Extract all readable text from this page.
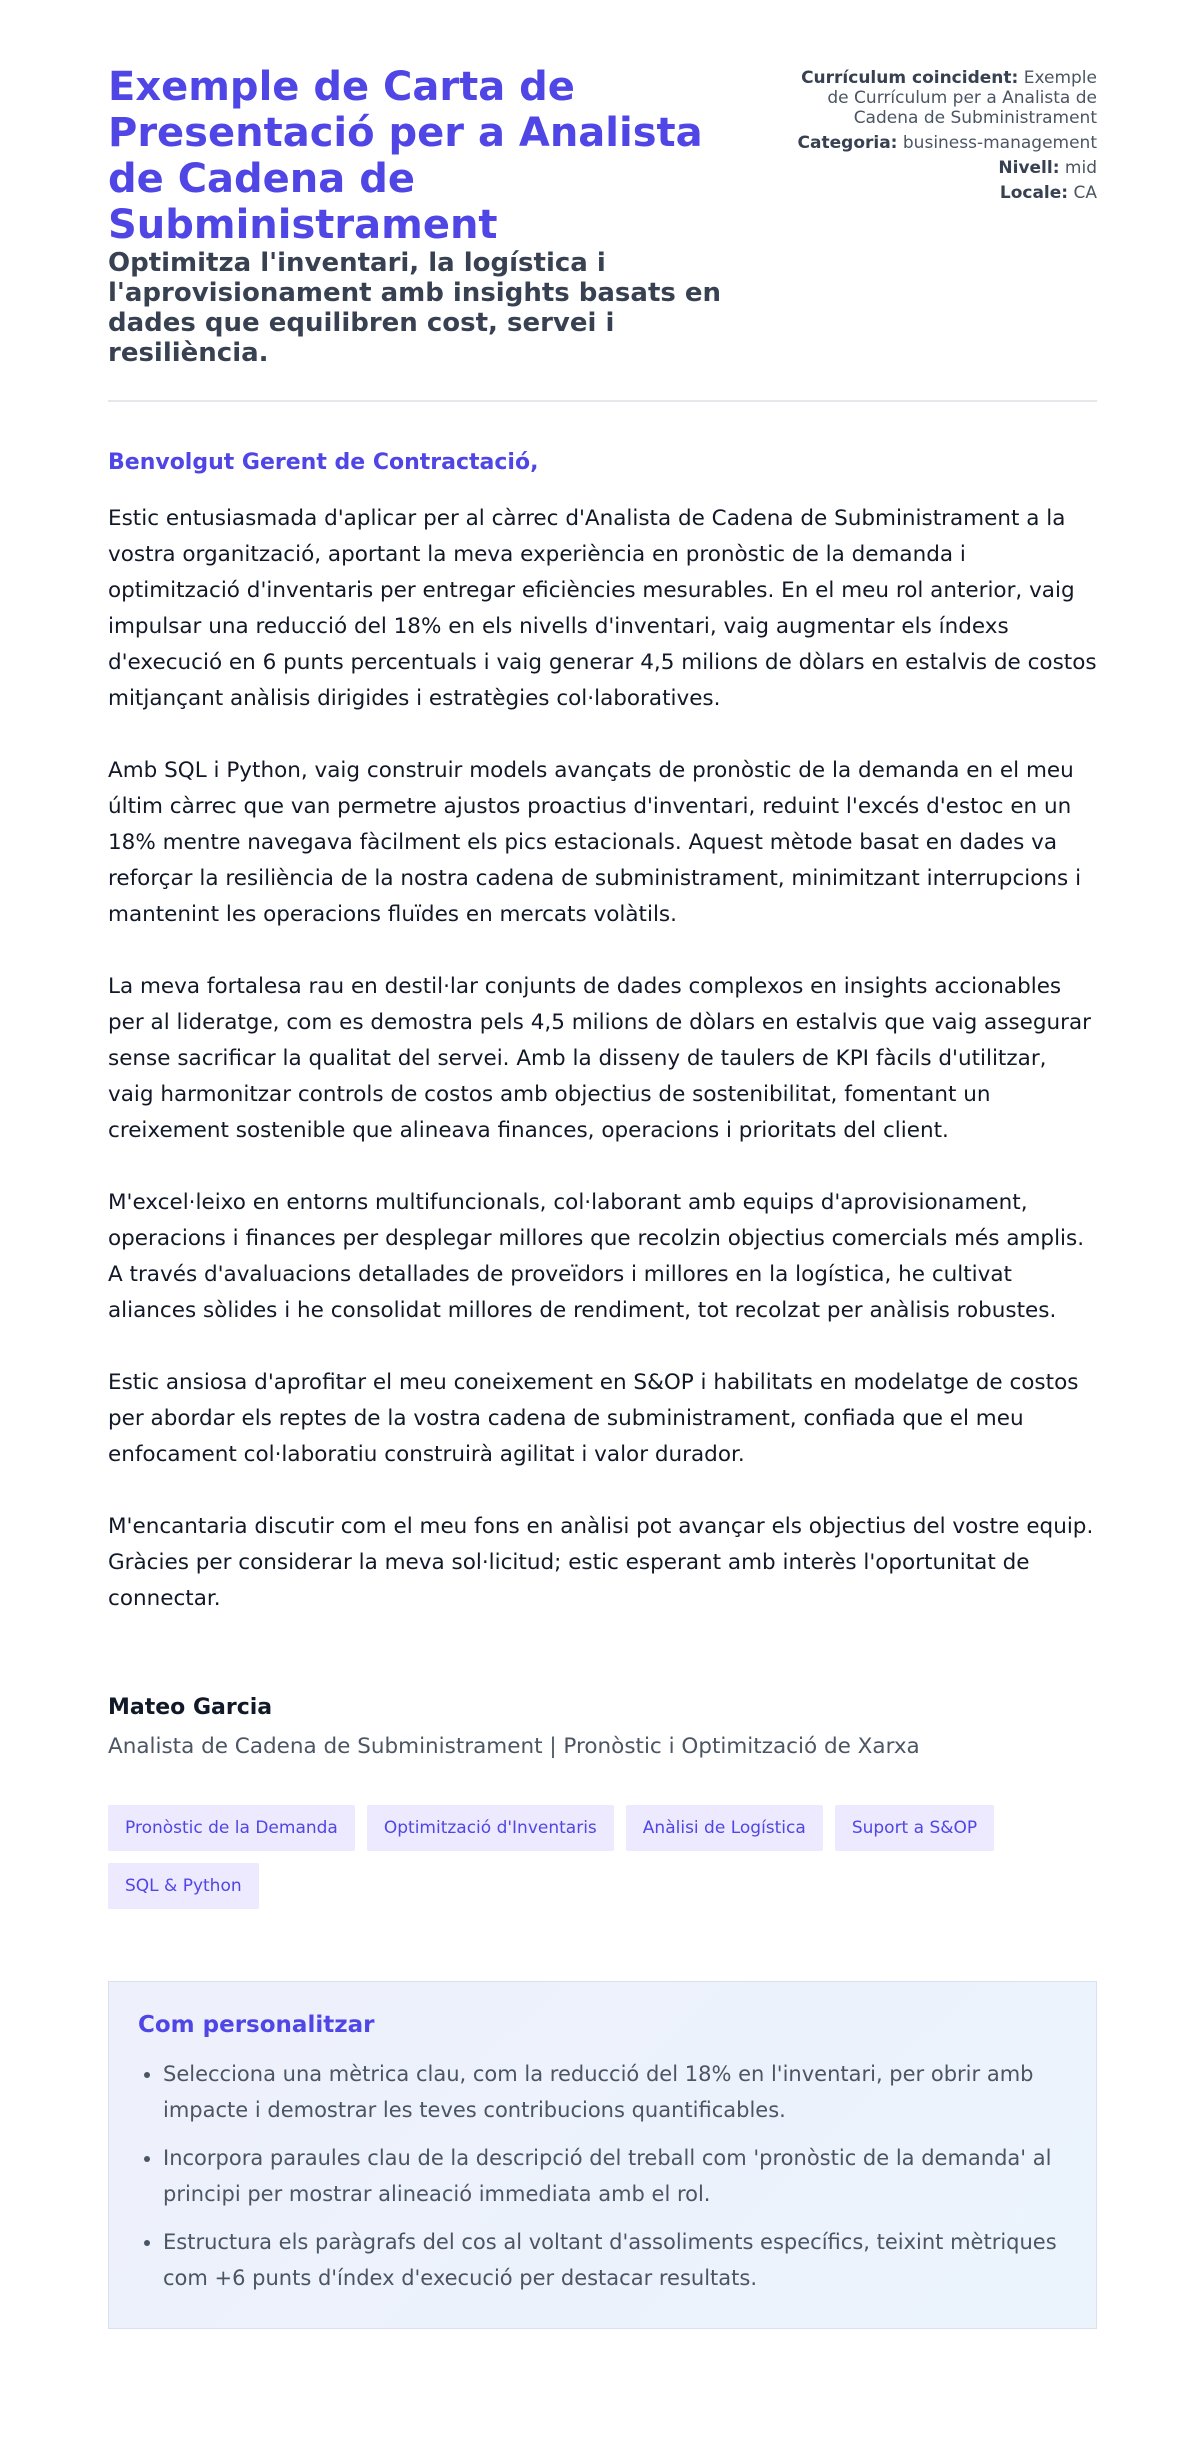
Exemple de Carta de Presentació per a Analista de Cadena de Subministrament
Optimitza l'inventari, la logística i l'aprovisionament amb insights basats en dades que equilibren cost, servei i resiliència.
Currículum coincident: Exemple de Currículum per a Analista de Cadena de Subministrament
Categoria: business-management
Nivell: mid
Locale: CA
Benvolgut Gerent de Contractació,

Estic entusiasmada d'aplicar per al càrrec d'Analista de Cadena de Subministrament a la vostra organització, aportant la meva experiència en pronòstic de la demanda i optimització d'inventaris per entregar eficiències mesurables. En el meu rol anterior, vaig impulsar una reducció del 18% en els nivells d'inventari, vaig augmentar els índexs d'execució en 6 punts percentuals i vaig generar 4,5 milions de dòlars en estalvis de costos mitjançant anàlisis dirigides i estratègies col·laboratives.

Amb SQL i Python, vaig construir models avançats de pronòstic de la demanda en el meu últim càrrec que van permetre ajustos proactius d'inventari, reduint l'excés d'estoc en un 18% mentre navegava fàcilment els pics estacionals. Aquest mètode basat en dades va reforçar la resiliència de la nostra cadena de subministrament, minimitzant interrupcions i mantenint les operacions fluïdes en mercats volàtils.

La meva fortalesa rau en destil·lar conjunts de dades complexos en insights accionables per al lideratge, com es demostra pels 4,5 milions de dòlars en estalvis que vaig assegurar sense sacrificar la qualitat del servei. Amb la disseny de taulers de KPI fàcils d'utilitzar, vaig harmonitzar controls de costos amb objectius de sostenibilitat, fomentant un creixement sostenible que alineava finances, operacions i prioritats del client.

M'excel·leixo en entorns multifuncionals, col·laborant amb equips d'aprovisionament, operacions i finances per desplegar millores que recolzin objectius comercials més amplis. A través d'avaluacions detallades de proveïdors i millores en la logística, he cultivat aliances sòlides i he consolidat millores de rendiment, tot recolzat per anàlisis robustes.

Estic ansiosa d'aprofitar el meu coneixement en S&OP i habilitats en modelatge de costos per abordar els reptes de la vostra cadena de subministrament, confiada que el meu enfocament col·laboratiu construirà agilitat i valor durador.

M'encantaria discutir com el meu fons en anàlisi pot avançar els objectius del vostre equip. Gràcies per considerar la meva sol·licitud; estic esperant amb interès l'oportunitat de connectar.

Mateo Garcia
Analista de Cadena de Subministrament | Pronòstic i Optimització de Xarxa
Pronòstic de la Demanda	Optimització d'Inventaris	Anàlisi de Logística	Suport a S&OP
SQL & Python
Com personalitzar
• Selecciona una mètrica clau, com la reducció del 18% en l'inventari, per obrir amb impacte i demostrar les teves contribucions quantificables.
• Incorpora paraules clau de la descripció del treball com 'pronòstic de la demanda' al principi per mostrar alineació immediata amb el rol.
• Estructura els paràgrafs del cos al voltant d'assoliments específics, teixint mètriques com +6 punts d'índex d'execució per destacar resultats.
